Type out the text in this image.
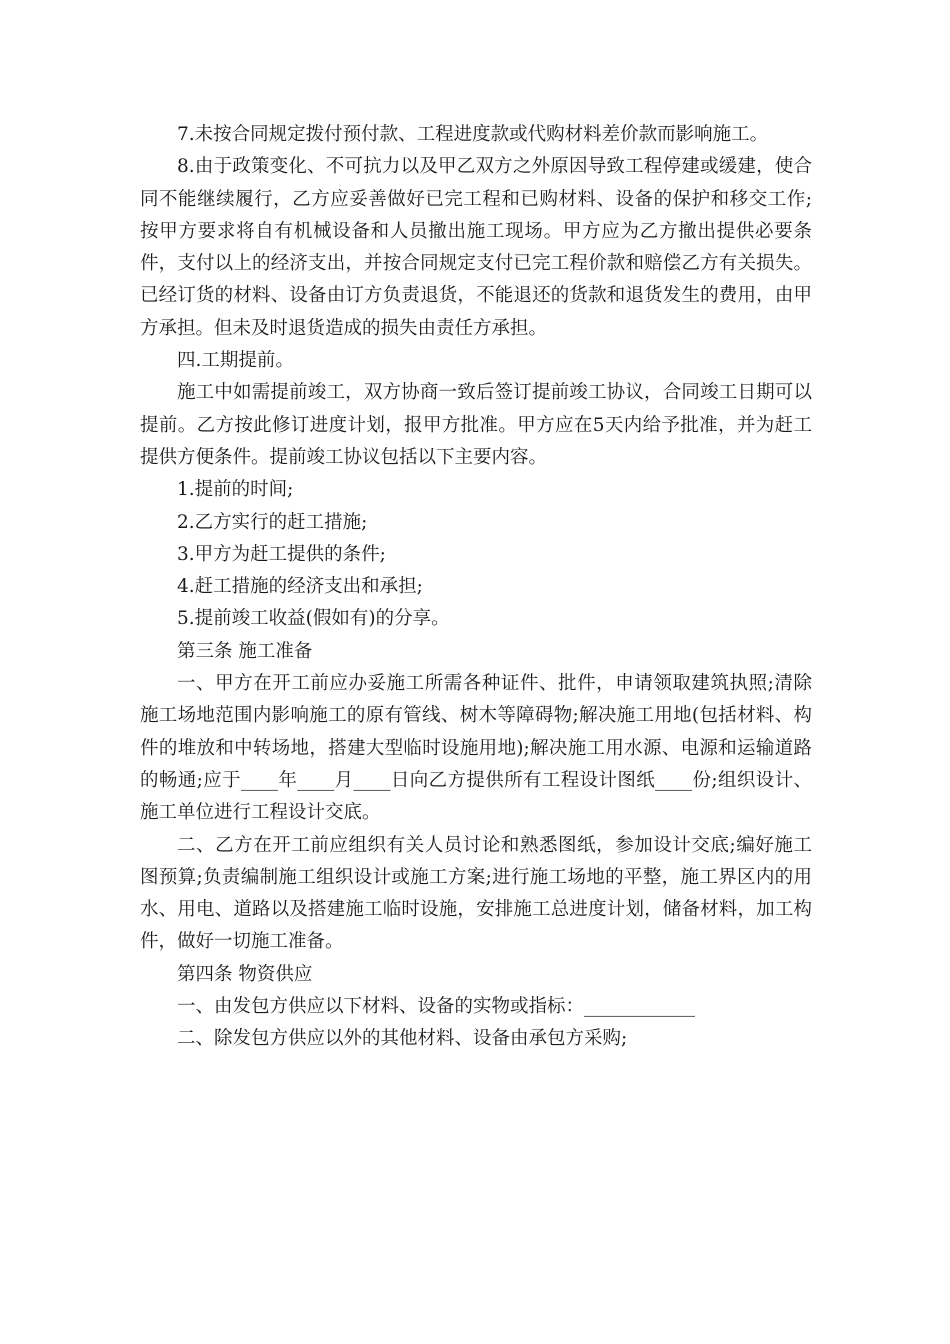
7.未按合同规定拨付预付款、工程进度款或代购材料差价款而影响施工。

8.由于政策变化、不可抗力以及甲乙双方之外原因导致工程停建或缓建，使合同不能继续履行，乙方应妥善做好已完工程和已购材料、设备的保护和移交工作;按甲方要求将自有机械设备和人员撤出施工现场。甲方应为乙方撤出提供必要条件，支付以上的经济支出，并按合同规定支付已完工程价款和赔偿乙方有关损失。已经订货的材料、设备由订方负责退货，不能退还的货款和退货发生的费用，由甲方承担。但未及时退货造成的损失由责任方承担。

四.工期提前。

施工中如需提前竣工，双方协商一致后签订提前竣工协议，合同竣工日期可以提前。乙方按此修订进度计划，报甲方批准。甲方应在5天内给予批准，并为赶工提供方便条件。提前竣工协议包括以下主要内容。

1.提前的时间;

2.乙方实行的赶工措施;

3.甲方为赶工提供的条件;

4.赶工措施的经济支出和承担;

5.提前竣工收益(假如有)的分享。

第三条 施工准备

一、甲方在开工前应办妥施工所需各种证件、批件，申请领取建筑执照;清除施工场地范围内影响施工的原有管线、树木等障碍物;解决施工用地(包括材料、构件的堆放和中转场地，搭建大型临时设施用地);解决施工用水源、电源和运输道路的畅通;应于____年____月____日向乙方提供所有工程设计图纸____份;组织设计、施工单位进行工程设计交底。

二、乙方在开工前应组织有关人员讨论和熟悉图纸，参加设计交底;编好施工图预算;负责编制施工组织设计或施工方案;进行施工场地的平整，施工界区内的用水、用电、道路以及搭建施工临时设施，安排施工总进度计划，储备材料，加工构件，做好一切施工准备。

第四条 物资供应

一、由发包方供应以下材料、设备的实物或指标：____________

二、除发包方供应以外的其他材料、设备由承包方采购;
